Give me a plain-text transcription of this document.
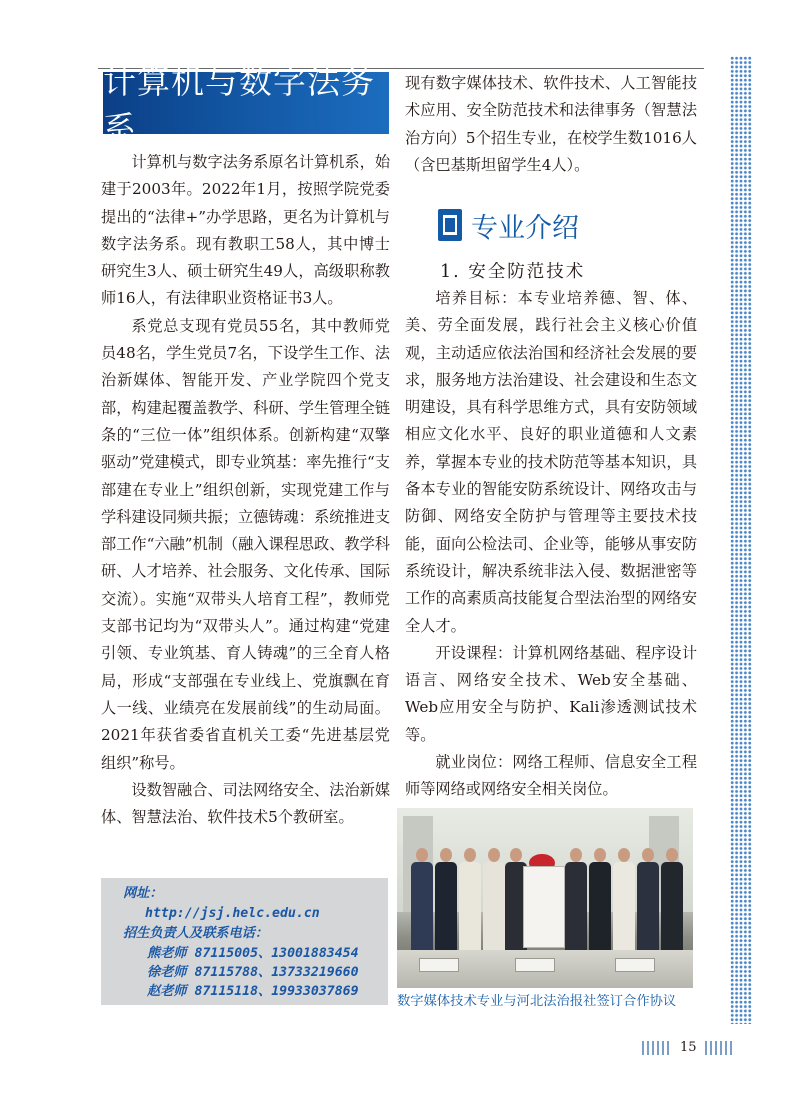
计算机与数字法务系

计算机与数字法务系原名计算机系，始建于2003年。2022年1月，按照学院党委提出的“法律+”办学思路，更名为计算机与数字法务系。现有教职工58人，其中博士研究生3人、硕士研究生49人，高级职称教师16人，有法律职业资格证书3人。

系党总支现有党员55名，其中教师党员48名，学生党员7名，下设学生工作、法治新媒体、智能开发、产业学院四个党支部，构建起覆盖教学、科研、学生管理全链条的“三位一体”组织体系。创新构建“双擎驱动”党建模式，即专业筑基：率先推行“支部建在专业上”组织创新，实现党建工作与学科建设同频共振；立德铸魂：系统推进支部工作“六融”机制（融入课程思政、教学科研、人才培养、社会服务、文化传承、国际交流）。实施“双带头人培育工程”，教师党支部书记均为“双带头人”。通过构建“党建引领、专业筑基、育人铸魂”的三全育人格局，形成“支部强在专业线上、党旗飘在育人一线、业绩亮在发展前线”的生动局面。2021年获省委省直机关工委“先进基层党组织”称号。

设数智融合、司法网络安全、法治新媒体、智慧法治、软件技术5个教研室。

现有数字媒体技术、软件技术、人工智能技术应用、安全防范技术和法律事务（智慧法治方向）5个招生专业，在校学生数1016人（含巴基斯坦留学生4人）。

专业介绍
1. 安全防范技术

培养目标：本专业培养德、智、体、美、劳全面发展，践行社会主义核心价值观，主动适应依法治国和经济社会发展的要求，服务地方法治建设、社会建设和生态文明建设，具有科学思维方式，具有安防领域相应文化水平、良好的职业道德和人文素养，掌握本专业的技术防范等基本知识，具备本专业的智能安防系统设计、网络攻击与防御、网络安全防护与管理等主要技术技能，面向公检法司、企业等，能够从事安防系统设计，解决系统非法入侵、数据泄密等工作的高素质高技能复合型法治型的网络安全人才。

开设课程：计算机网络基础、程序设计语言、网络安全技术、Web安全基础、Web应用安全与防护、Kali渗透测试技术等。

就业岗位：网络工程师、信息安全工程师等网络或网络安全相关岗位。

数字媒体技术专业与河北法治报社签订合作协议
网址：
http://jsj.helc.edu.cn
招生负责人及联系电话：
熊老师 87115005、13001883454
徐老师 87115788、13733219660
赵老师 87115118、19933037869
15
